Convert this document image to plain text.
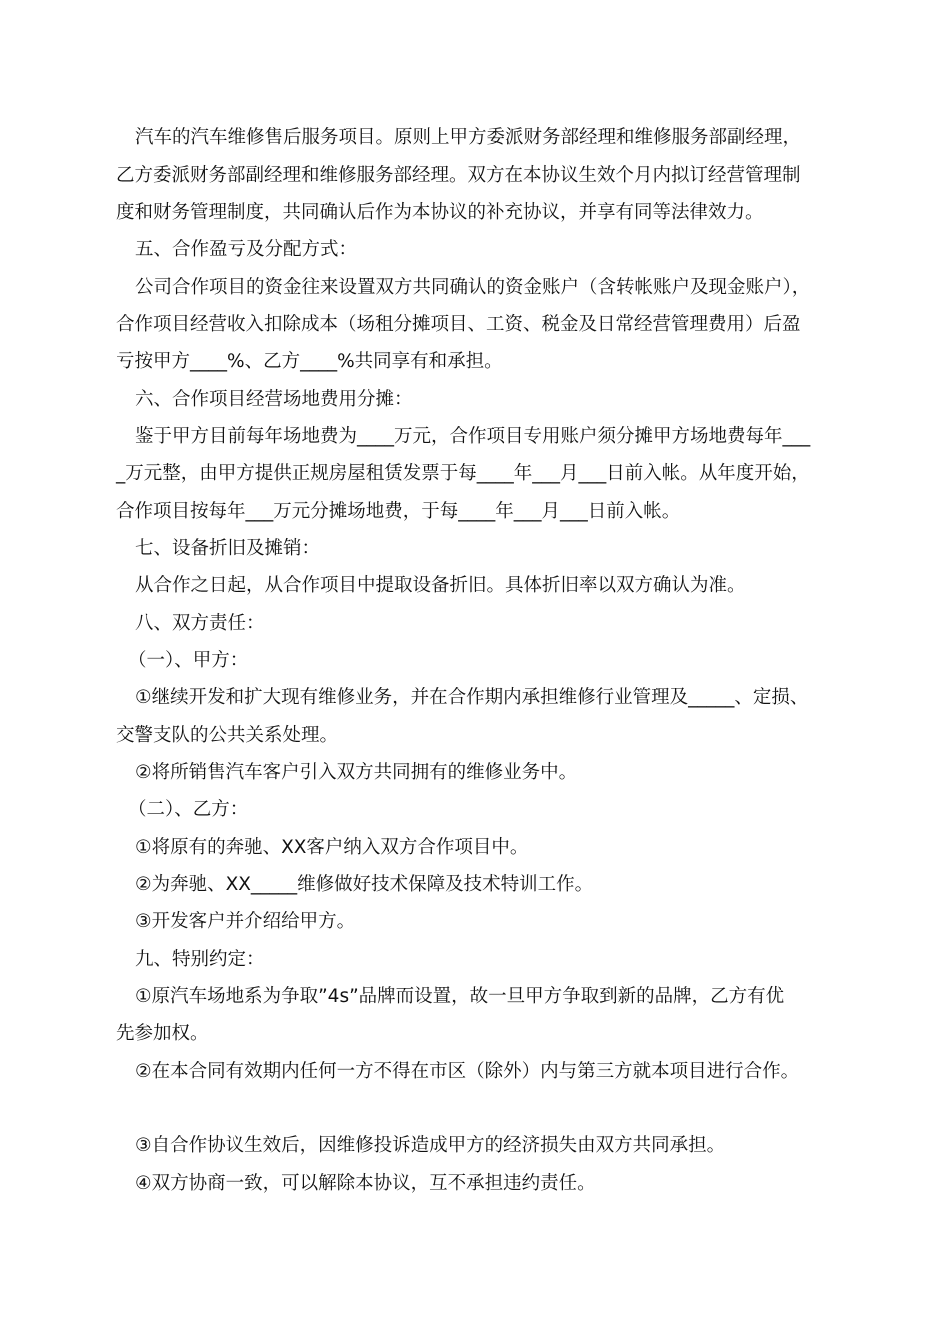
汽车的汽车维修售后服务项目。原则上甲方委派财务部经理和维修服务部副经理，

乙方委派财务部副经理和维修服务部经理。双方在本协议生效个月内拟订经营管理制

度和财务管理制度，共同确认后作为本协议的补充协议，并享有同等法律效力。

五、合作盈亏及分配方式：

公司合作项目的资金往来设置双方共同确认的资金账户（含转帐账户及现金账户），

合作项目经营收入扣除成本（场租分摊项目、工资、税金及日常经营管理费用）后盈

亏按甲方____%、乙方____%共同享有和承担。

六、合作项目经营场地费用分摊：

鉴于甲方目前每年场地费为____万元，合作项目专用账户须分摊甲方场地费每年___

_万元整，由甲方提供正规房屋租赁发票于每____年___月___日前入帐。从年度开始，

合作项目按每年___万元分摊场地费，于每____年___月___日前入帐。

七、设备折旧及摊销：

从合作之日起，从合作项目中提取设备折旧。具体折旧率以双方确认为准。

八、双方责任：

（一）、甲方：

①继续开发和扩大现有维修业务，并在合作期内承担维修行业管理及_____、定损、

交警支队的公共关系处理。

②将所销售汽车客户引入双方共同拥有的维修业务中。

（二）、乙方：

①将原有的奔驰、XX客户纳入双方合作项目中。

②为奔驰、XX_____维修做好技术保障及技术特训工作。

③开发客户并介绍给甲方。

九、特别约定：

①原汽车场地系为争取”4s”品牌而设置，故一旦甲方争取到新的品牌，乙方有优

先参加权。

②在本合同有效期内任何一方不得在市区（除外）内与第三方就本项目进行合作。

③自合作协议生效后，因维修投诉造成甲方的经济损失由双方共同承担。

④双方协商一致，可以解除本协议，互不承担违约责任。
